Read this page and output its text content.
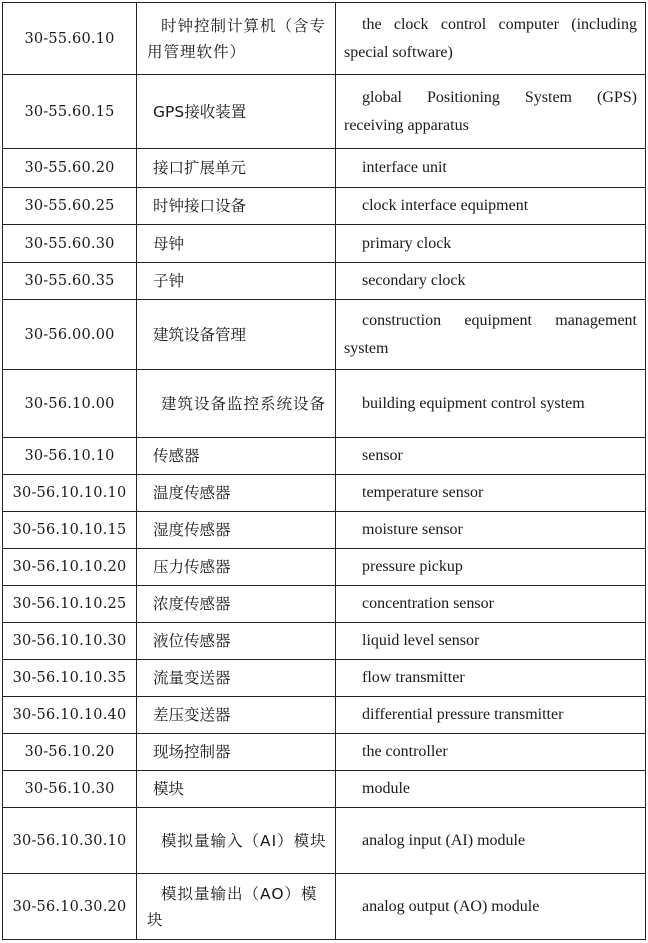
30-55.60.10	时钟控制计算机（含专用管理软件）	the clock control computer (including special software)
30-55.60.15	GPS接收装置	global Positioning System (GPS) receiving apparatus
30-55.60.20	接口扩展单元	interface unit
30-55.60.25	时钟接口设备	clock interface equipment
30-55.60.30	母钟	primary clock
30-55.60.35	子钟	secondary clock
30-56.00.00	建筑设备管理	construction equipment management system
30-56.10.00	建筑设备监控系统设备	building equipment control system
30-56.10.10	传感器	sensor
30-56.10.10.10	温度传感器	temperature sensor
30-56.10.10.15	湿度传感器	moisture sensor
30-56.10.10.20	压力传感器	pressure pickup
30-56.10.10.25	浓度传感器	concentration sensor
30-56.10.10.30	液位传感器	liquid level sensor
30-56.10.10.35	流量变送器	flow transmitter
30-56.10.10.40	差压变送器	differential pressure transmitter
30-56.10.20	现场控制器	the controller
30-56.10.30	模块	module
30-56.10.30.10	模拟量输入（AI）模块	analog input (AI) module
30-56.10.30.20	模拟量输出（AO）模块	analog output (AO) module
